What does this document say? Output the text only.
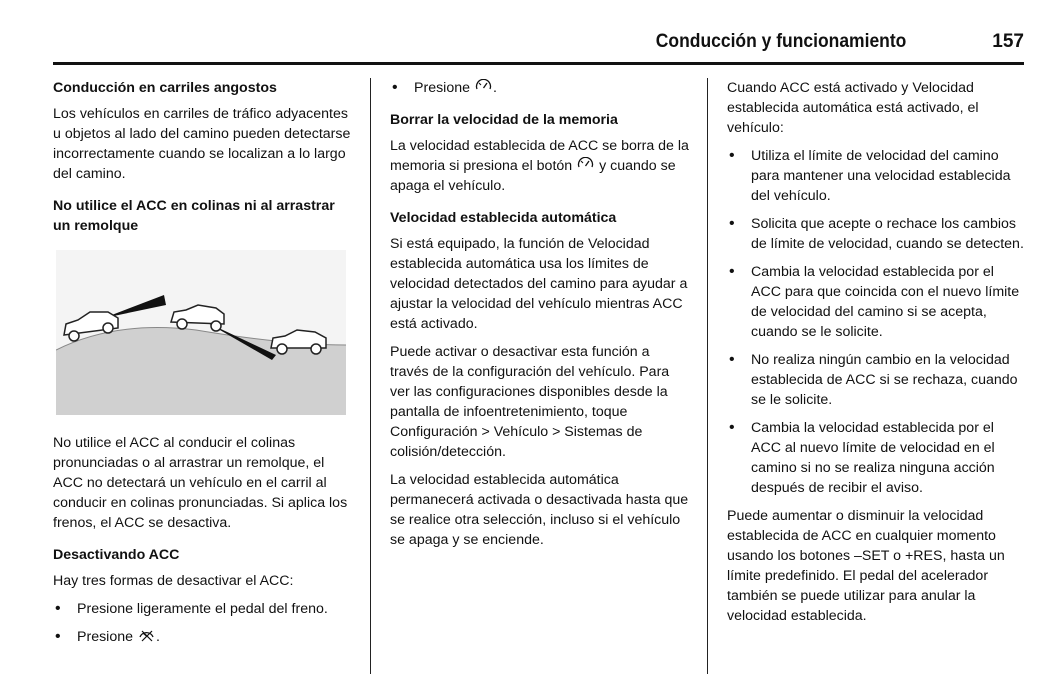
Conducción y funcionamiento	157
Conducción en carriles angostos

Los vehículos en carriles de tráfico adyacentes u objetos al lado del camino pueden detectarse incorrectamente cuando se localizan a lo largo del camino.

No utilice el ACC en colinas ni al arrastrar un remolque

No utilice el ACC al conducir el colinas pronunciadas o al arrastrar un remolque, el ACC no detectará un vehículo en el carril al conducir en colinas pronunciadas. Si aplica los frenos, el ACC se desactiva.

Desactivando ACC

Hay tres formas de desactivar el ACC:

• Presione ligeramente el pedal del freno.
• Presione .
• Presione .
Borrar la velocidad de la memoria

La velocidad establecida de ACC se borra de la memoria si presiona el botón y cuando se apaga el vehículo.

Velocidad establecida automática

Si está equipado, la función de Velocidad establecida automática usa los límites de velocidad detectados del camino para ayudar a ajustar la velocidad del vehículo mientras ACC está activado.

Puede activar o desactivar esta función a través de la configuración del vehículo. Para ver las configuraciones disponibles desde la pantalla de infoentretenimiento, toque Configuración > Vehículo > Sistemas de colisión/detección.

La velocidad establecida automática permanecerá activada o desactivada hasta que se realice otra selección, incluso si el vehículo se apaga y se enciende.

Cuando ACC está activado y Velocidad establecida automática está activado, el vehículo:

• Utiliza el límite de velocidad del camino para mantener una velocidad establecida del vehículo.
• Solicita que acepte o rechace los cambios de límite de velocidad, cuando se detecten.
• Cambia la velocidad establecida por el ACC para que coincida con el nuevo límite de velocidad del camino si se acepta, cuando se le solicite.
• No realiza ningún cambio en la velocidad establecida de ACC si se rechaza, cuando se le solicite.
• Cambia la velocidad establecida por el ACC al nuevo límite de velocidad en el camino si no se realiza ninguna acción después de recibir el aviso.

Puede aumentar o disminuir la velocidad establecida de ACC en cualquier momento usando los botones –SET o +RES, hasta un límite predefinido. El pedal del acelerador también se puede utilizar para anular la velocidad establecida.
